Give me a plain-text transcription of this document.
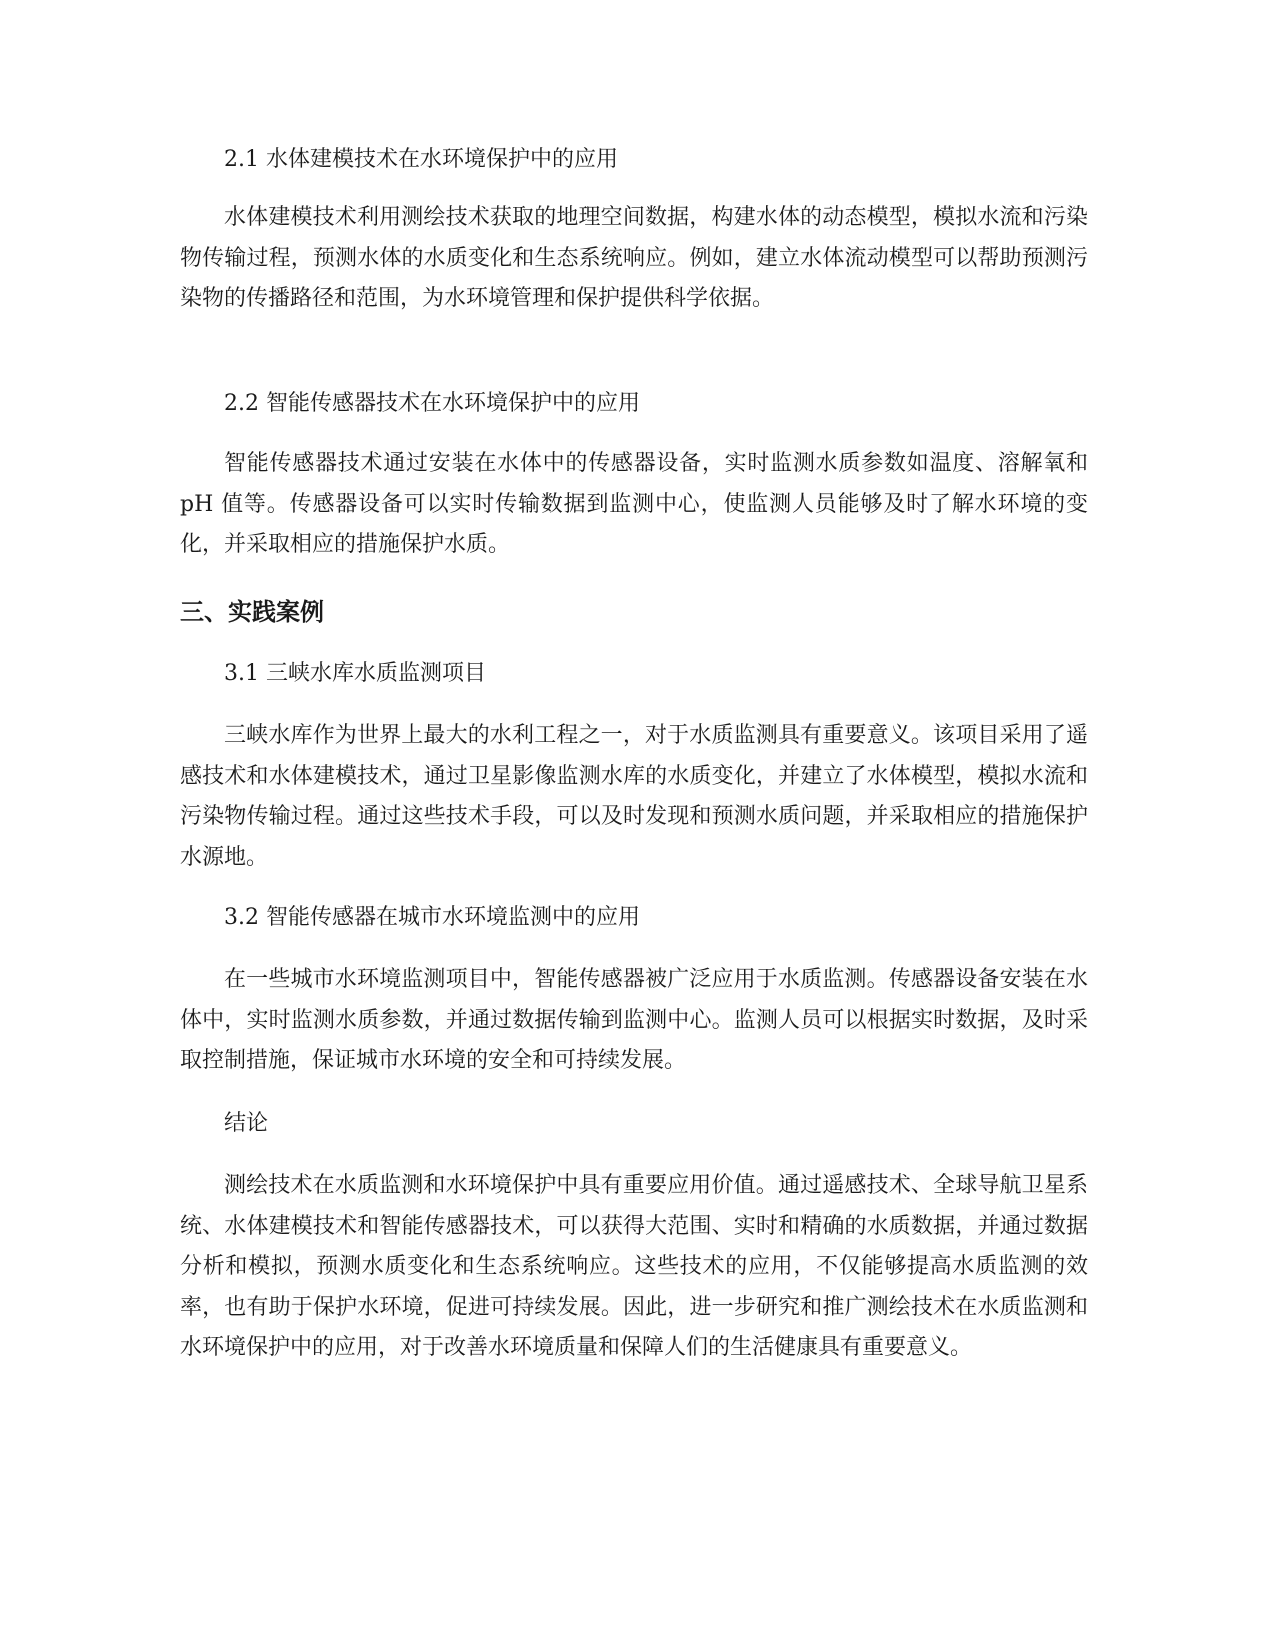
2.1 水体建模技术在水环境保护中的应用

水体建模技术利用测绘技术获取的地理空间数据，构建水体的动态模型，模拟水流和污染物传输过程，预测水体的水质变化和生态系统响应。例如，建立水体流动模型可以帮助预测污染物的传播路径和范围，为水环境管理和保护提供科学依据。

2.2 智能传感器技术在水环境保护中的应用

智能传感器技术通过安装在水体中的传感器设备，实时监测水质参数如温度、溶解氧和 pH 值等。传感器设备可以实时传输数据到监测中心，使监测人员能够及时了解水环境的变化，并采取相应的措施保护水质。

三、实践案例
3.1 三峡水库水质监测项目

三峡水库作为世界上最大的水利工程之一，对于水质监测具有重要意义。该项目采用了遥感技术和水体建模技术，通过卫星影像监测水库的水质变化，并建立了水体模型，模拟水流和污染物传输过程。通过这些技术手段，可以及时发现和预测水质问题，并采取相应的措施保护水源地。

3.2 智能传感器在城市水环境监测中的应用

在一些城市水环境监测项目中，智能传感器被广泛应用于水质监测。传感器设备安装在水体中，实时监测水质参数，并通过数据传输到监测中心。监测人员可以根据实时数据，及时采取控制措施，保证城市水环境的安全和可持续发展。

结论

测绘技术在水质监测和水环境保护中具有重要应用价值。通过遥感技术、全球导航卫星系统、水体建模技术和智能传感器技术，可以获得大范围、实时和精确的水质数据，并通过数据分析和模拟，预测水质变化和生态系统响应。这些技术的应用，不仅能够提高水质监测的效率，也有助于保护水环境，促进可持续发展。因此，进一步研究和推广测绘技术在水质监测和水环境保护中的应用，对于改善水环境质量和保障人们的生活健康具有重要意义。
